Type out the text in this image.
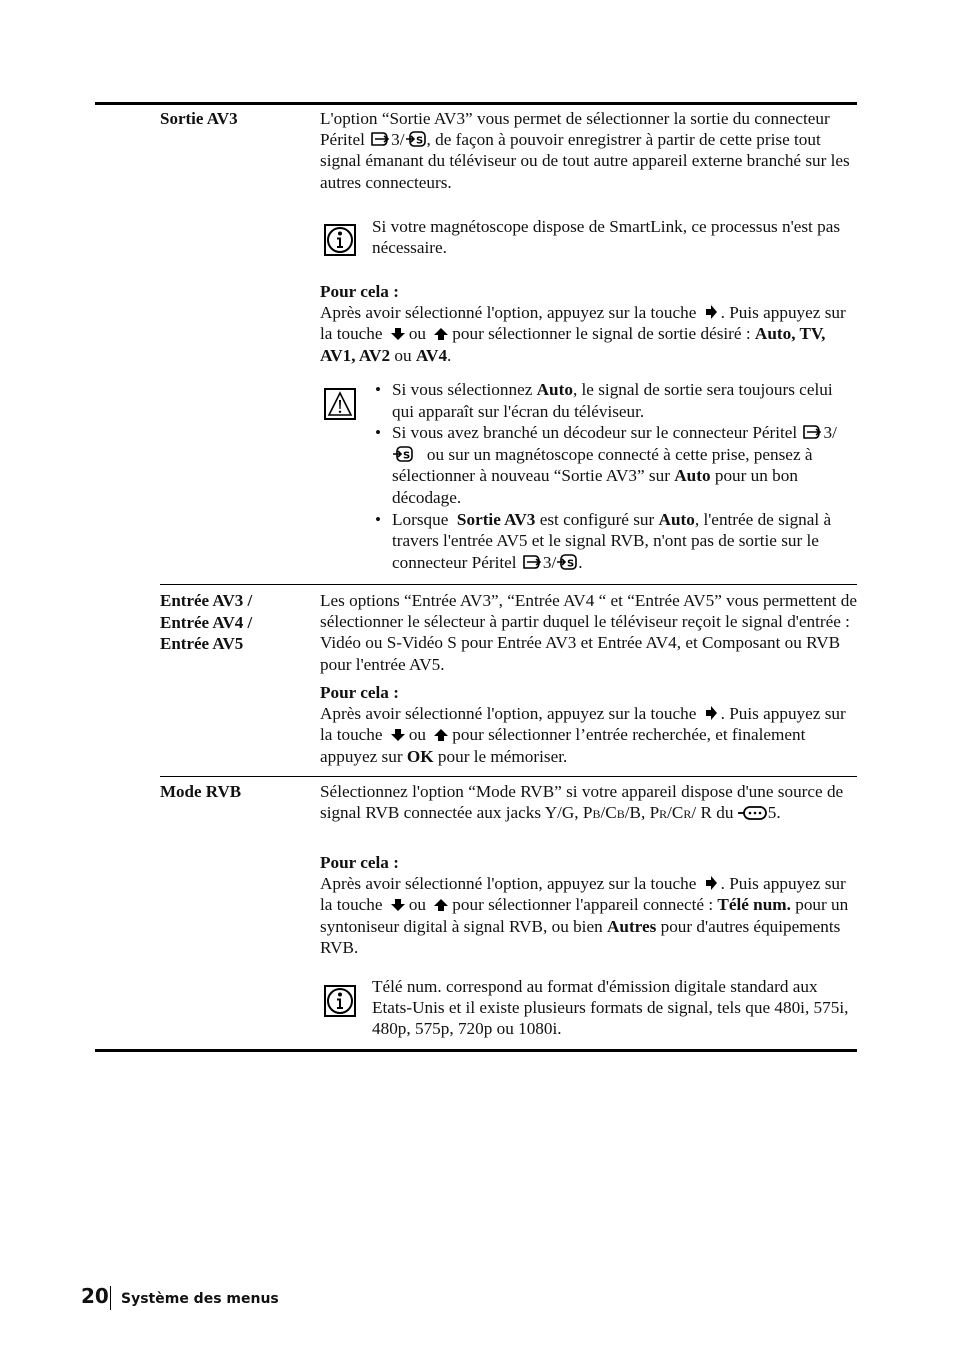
Sortie AV3	L'option “Sortie AV3” vous permet de sélectionner la sortie du connecteur Péritel 3/ , de façon à pouvoir enregistrer à partir de cette prise tout signal émanant du téléviseur ou de tout autre appareil externe branché sur les autres connecteurs.

Si votre magnétoscope dispose de SmartLink, ce processus n'est pas nécessaire.

Pour cela :

Après avoir sélectionné l'option, appuyez sur la touche . Puis appuyez sur la touche ou pour sélectionner le signal de sortie désiré : Auto, TV, AV1, AV2 ou AV4.

• Si vous sélectionnez Auto, le signal de sortie sera toujours celui qui apparaît sur l'écran du téléviseur.
• Si vous avez branché un décodeur sur le connecteur Péritel 3/   ou sur un magnétoscope connecté à cette prise, pensez à sélectionner à nouveau “Sortie AV3” sur Auto pour un bon décodage.
• Lorsque Sortie AV3 est configuré sur Auto, l'entrée de signal à travers l'entrée AV5 et le signal RVB, n'ont pas de sortie sur le connecteur Péritel 3/ .
Entrée AV3 /
Entrée AV4 /
Entrée AV5

Les options “Entrée AV3”, “Entrée AV4 “ et “Entrée AV5” vous permettent de sélectionner le sélecteur à partir duquel le téléviseur reçoit le signal d'entrée : Vidéo ou S-Vidéo S pour Entrée AV3 et Entrée AV4, et Composant ou RVB pour l'entrée AV5.

Pour cela :

Après avoir sélectionné l'option, appuyez sur la touche . Puis appuyez sur la touche ou pour sélectionner l’entrée recherchée, et finalement appuyez sur OK pour le mémoriser.

Mode RVB	Sélectionnez l'option “Mode RVB” si votre appareil dispose d'une source de signal RVB connectée aux jacks Y/G, PB/CB/B, PR/CR/ R du 5.

Pour cela :

Après avoir sélectionné l'option, appuyez sur la touche . Puis appuyez sur la touche ou pour sélectionner l'appareil connecté : Télé num. pour un syntoniseur digital à signal RVB, ou bien Autres pour d'autres équipements RVB.

Télé num. correspond au format d'émission digitale standard aux Etats-Unis et il existe plusieurs formats de signal, tels que 480i, 575i, 480p, 575p, 720p ou 1080i.
20 Système des menus
